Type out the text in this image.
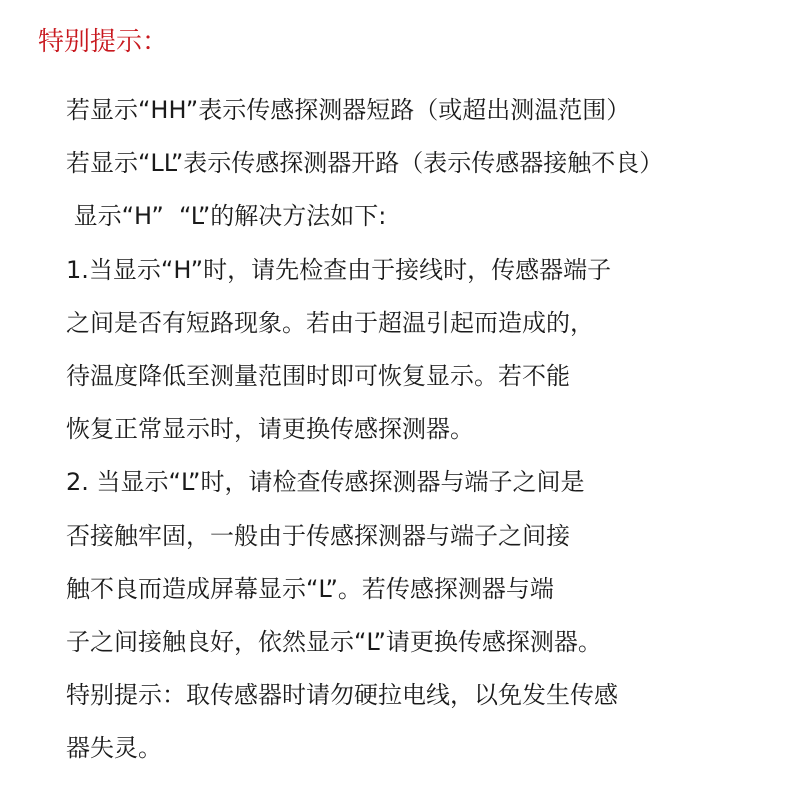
特别提示：
若显示“HH”表示传感探测器短路（或超出测温范围）
若显示“LL”表示传感探测器开路（表示传感器接触不良）
显示“H”  “L”的解决方法如下:
1.当显示“H”时，请先检查由于接线时，传感器端子
之间是否有短路现象。若由于超温引起而造成的，
待温度降低至测量范围时即可恢复显示。若不能
恢复正常显示时，请更换传感探测器。
2. 当显示“L”时，请检查传感探测器与端子之间是
否接触牢固，一般由于传感探测器与端子之间接
触不良而造成屏幕显示“L”。若传感探测器与端
子之间接触良好，依然显示“L”请更换传感探测器。
特别提示：取传感器时请勿硬拉电线，以免发生传感
器失灵。
